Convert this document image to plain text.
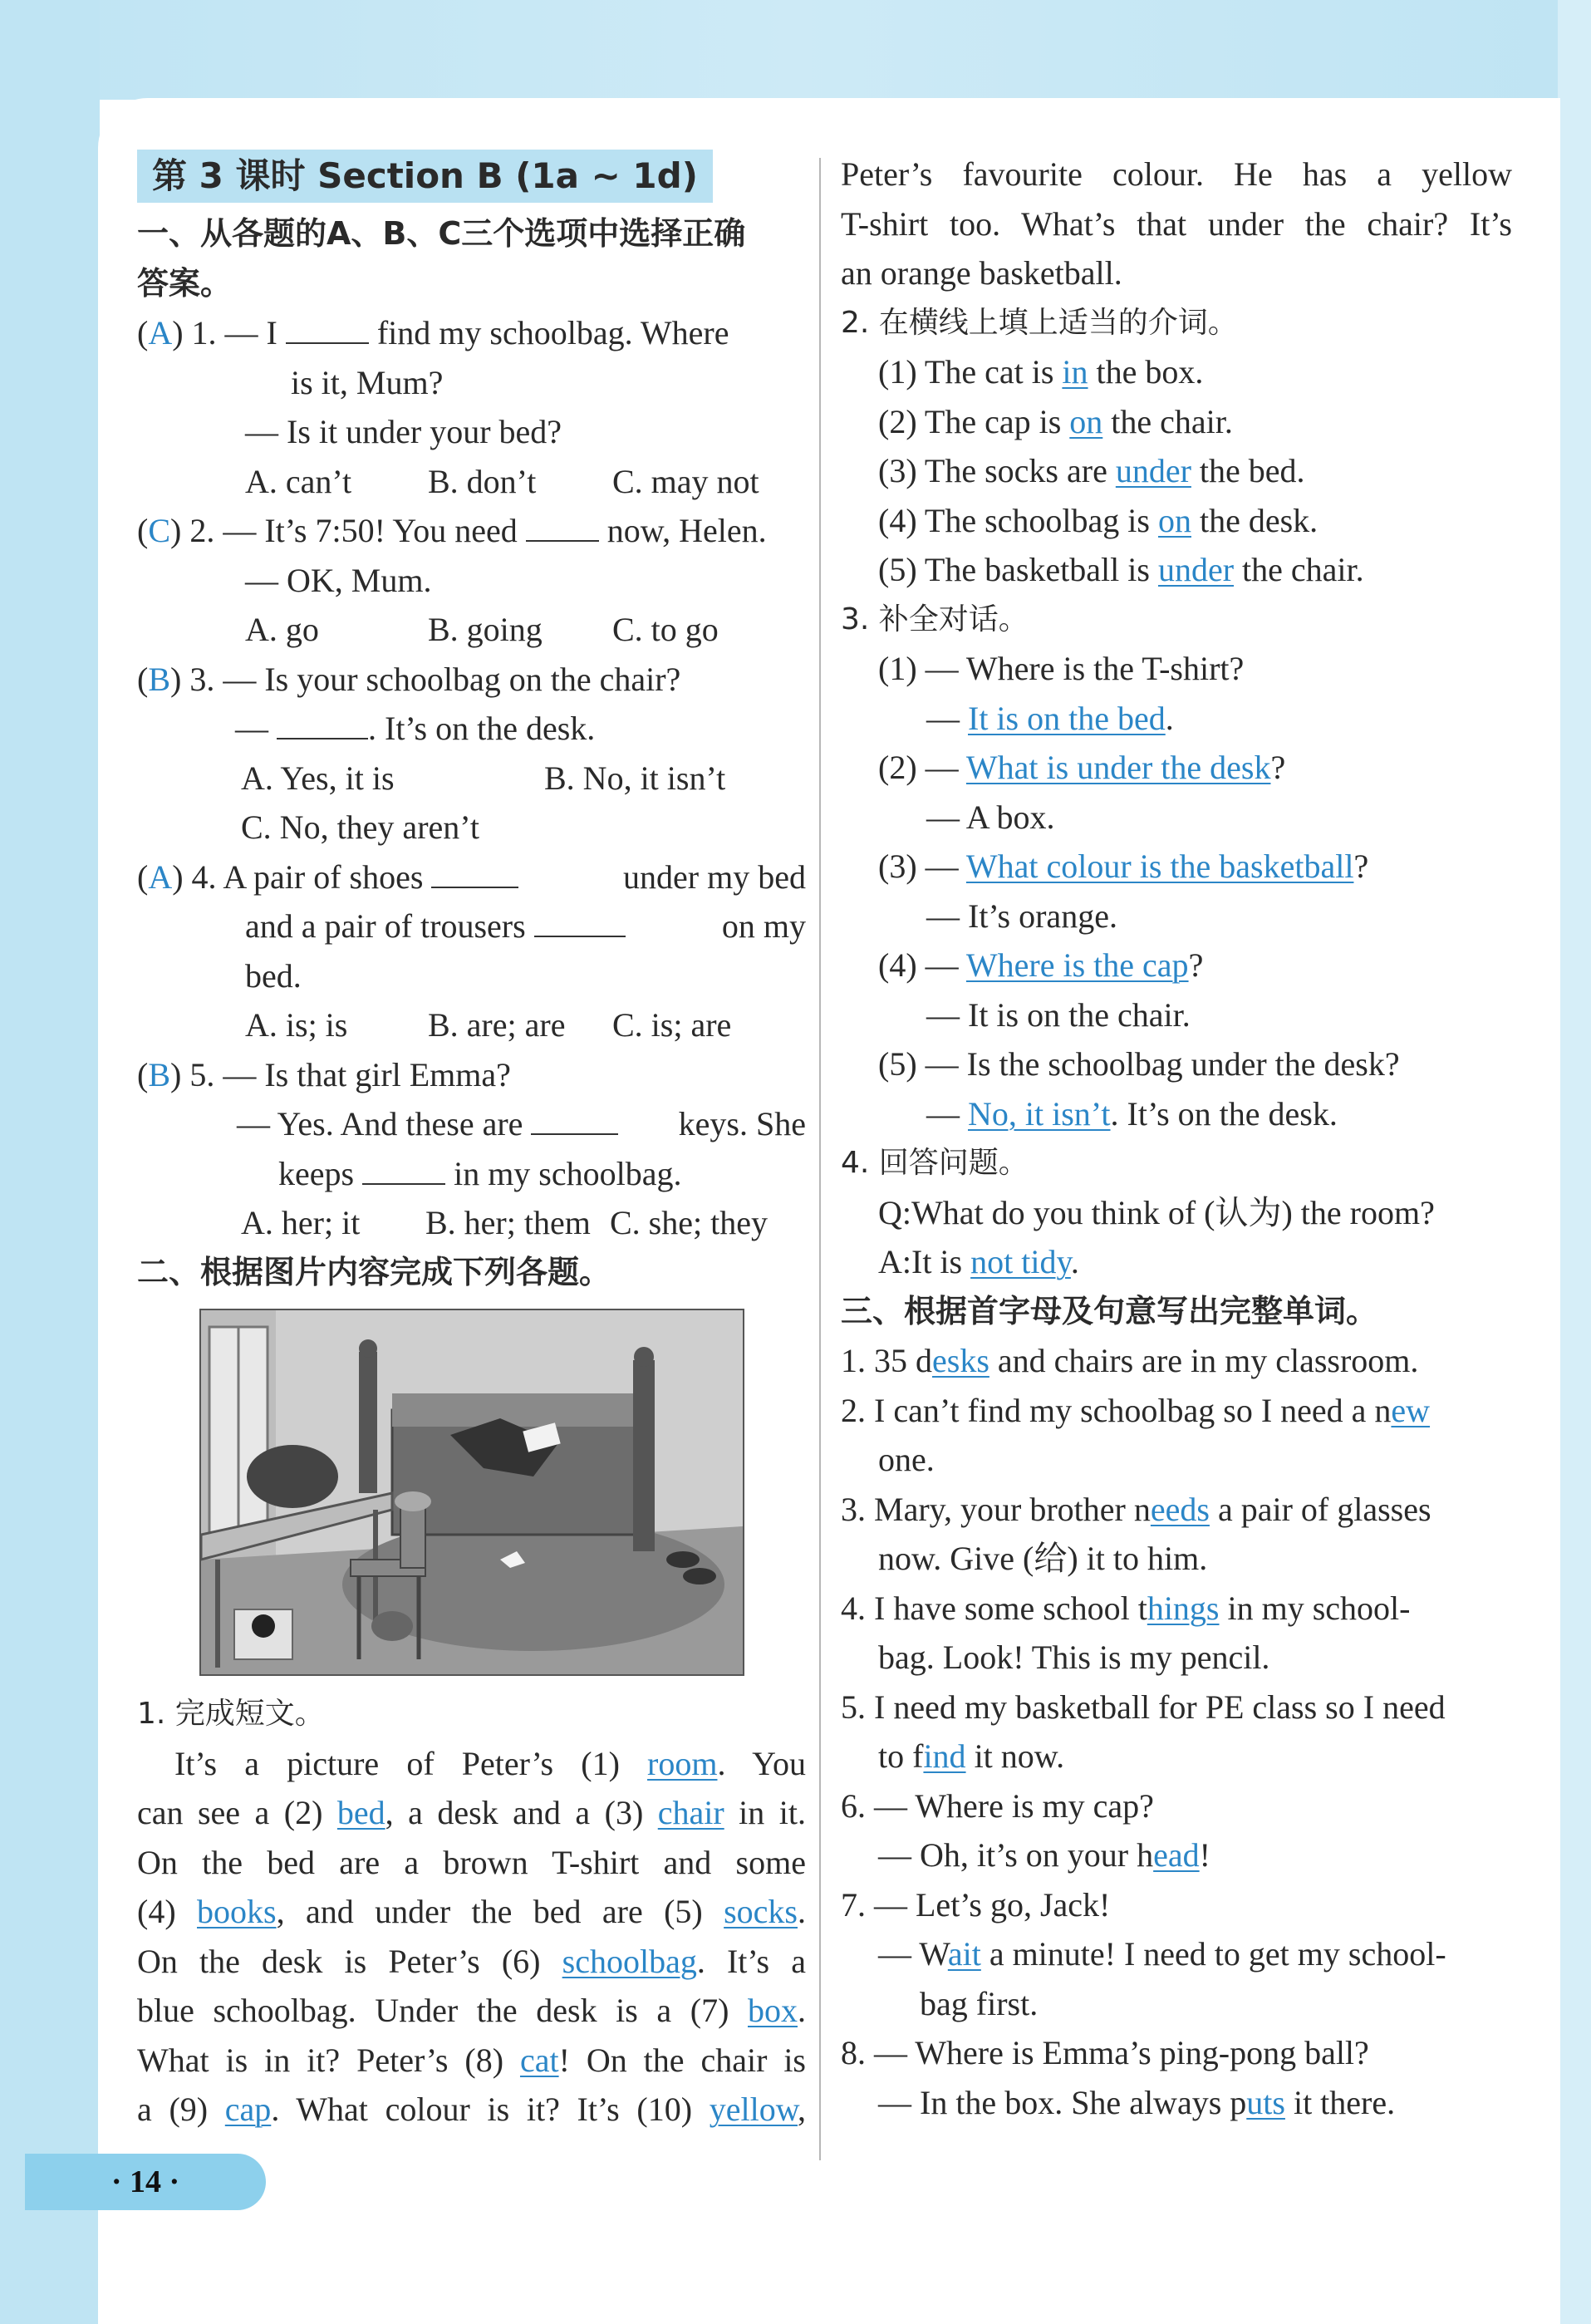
第 3 课时 Section B (1a ~ 1d)
一、从各题的A、B、C三个选项中选择正确
答案。
(A) 1. — I	find my schoolbag. Where
is it, Mum?
— Is it under your bed?
A. can’t B. don’t C. may not
(C) 2. — It’s 7:50! You need	now, Helen.
— OK, Mum.
A. go	B. going C. to go
(B) 3. — Is your schoolbag on the chair?
—	. It’s on the desk.
A. Yes, it is	B. No, it isn’t
C. No, they aren’t
(A) 4. A pair of shoes	under my bed
and a pair of trousers	on my
bed.
A. is; is B. are; are C. is; are
(B) 5. — Is that girl Emma?
— Yes. And these are	keys. She
keeps	in my schoolbag.
A. her; it B. her; them C. she; they
二、根据图片内容完成下列各题。
1. 完成短文。
It’s a picture of Peter’s (1) room. You
can see a (2) bed, a desk and a (3) chair in it.
On the bed are a brown T-shirt and some
(4) books, and under the bed are (5) socks.
On the desk is Peter’s (6) schoolbag. It’s a
blue schoolbag. Under the desk is a (7) box.
What is in it? Peter’s (8) cat! On the chair is
a (9) cap. What colour is it? It’s (10) yellow,
Peter’s favourite colour. He has a yellow
T-shirt too. What’s that under the chair? It’s
an orange basketball.
2. 在横线上填上适当的介词。
(1) The cat is in the box.
(2) The cap is on the chair.
(3) The socks are under the bed.
(4) The schoolbag is on the desk.
(5) The basketball is under the chair.
3. 补全对话。
(1) — Where is the T-shirt?
— It is on the bed.
(2) — What is under the desk?
— A box.
(3) — What colour is the basketball?
— It’s orange.
(4) — Where is the cap?
— It is on the chair.
(5) — Is the schoolbag under the desk?
— No, it isn’t. It’s on the desk.
4. 回答问题。
Q:What do you think of (认为) the room?
A:It is not tidy.
三、根据首字母及句意写出完整单词。
1. 35 desks and chairs are in my classroom.
2. I can’t find my schoolbag so I need a new
one.
3. Mary, your brother needs a pair of glasses
now. Give (给) it to him.
4. I have some school things in my school-
bag. Look! This is my pencil.
5. I need my basketball for PE class so I need
to find it now.
6. — Where is my cap?
— Oh, it’s on your head!
7. — Let’s go, Jack!
— Wait a minute! I need to get my school-
bag first.
8. — Where is Emma’s ping-pong ball?
— In the box. She always puts it there.
· 14 ·
